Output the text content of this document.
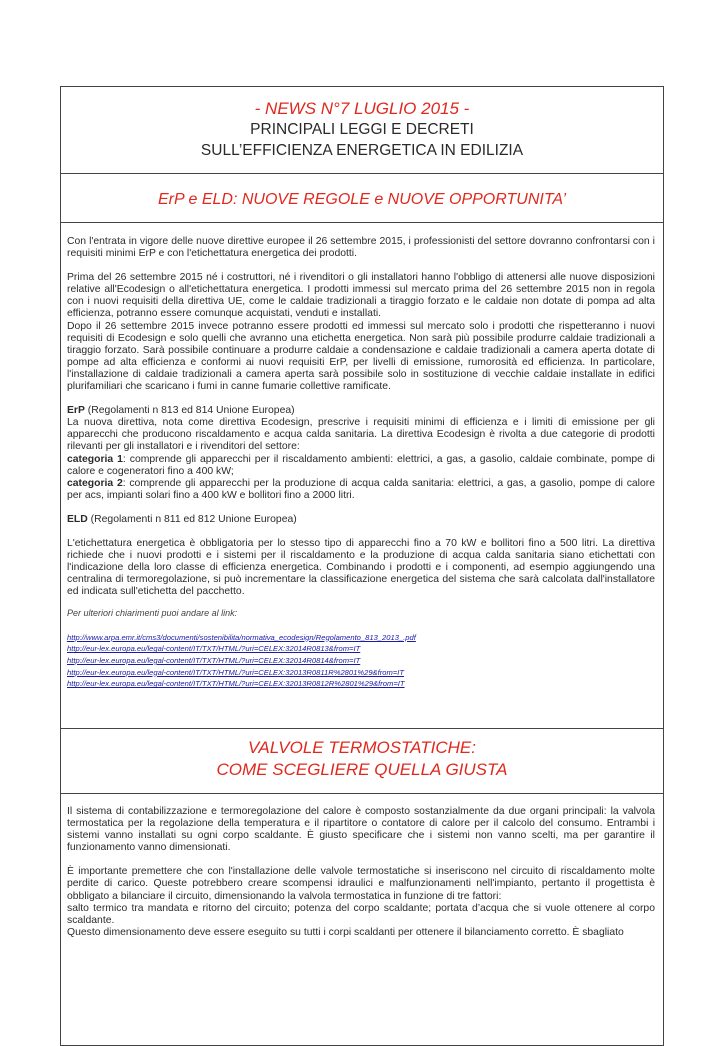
- NEWS N°7 LUGLIO 2015 -
PRINCIPALI LEGGI E DECRETI
SULL’EFFICIENZA ENERGETICA IN EDILIZIA
ErP e ELD: NUOVE REGOLE e NUOVE OPPORTUNITA’

Con l'entrata in vigore delle nuove direttive europee il 26 settembre 2015, i professionisti del settore dovranno confrontarsi con i requisiti minimi ErP e con l'etichettatura energetica dei prodotti.

Prima del 26 settembre 2015 né i costruttori, né i rivenditori o gli installatori hanno l'obbligo di attenersi alle nuove disposizioni relative all'Ecodesign o all'etichettatura energetica. I prodotti immessi sul mercato prima del 26 settembre 2015 non in regola con i nuovi requisiti della direttiva UE, come le caldaie tradizionali a tiraggio forzato e le caldaie non dotate di pompa ad alta efficienza, potranno essere comunque acquistati, venduti e installati.

Dopo il 26 settembre 2015 invece potranno essere prodotti ed immessi sul mercato solo i prodotti che rispetteranno i nuovi requisiti di Ecodesign e solo quelli che avranno una etichetta energetica. Non sarà più possibile produrre caldaie tradizionali a tiraggio forzato. Sarà possibile continuare a produrre caldaie a condensazione e caldaie tradizionali a camera aperta dotate di pompe ad alta efficienza e conformi ai nuovi requisiti ErP, per livelli di emissione, rumorosità ed efficienza. In particolare, l'installazione di caldaie tradizionali a camera aperta sarà possibile solo in sostituzione di vecchie caldaie installate in edifici plurifamiliari che scaricano i fumi in canne fumarie collettive ramificate.

ErP (Regolamenti n 813 ed 814 Unione Europea)

La nuova direttiva, nota come direttiva Ecodesign, prescrive i requisiti minimi di efficienza e i limiti di emissione per gli apparecchi che producono riscaldamento e acqua calda sanitaria. La direttiva Ecodesign è rivolta a due categorie di prodotti rilevanti per gli installatori e i rivenditori del settore:

categoria 1: comprende gli apparecchi per il riscaldamento ambienti: elettrici, a gas, a gasolio, caldaie combinate, pompe di calore e cogeneratori fino a 400 kW;

categoria 2: comprende gli apparecchi per la produzione di acqua calda sanitaria: elettrici, a gas, a gasolio, pompe di calore per acs, impianti solari fino a 400 kW e bollitori fino a 2000 litri.

ELD (Regolamenti n 811 ed 812 Unione Europea)

L'etichettatura energetica è obbligatoria per lo stesso tipo di apparecchi fino a 70 kW e bollitori fino a 500 litri. La direttiva richiede che i nuovi prodotti e i sistemi per il riscaldamento e la produzione di acqua calda sanitaria siano etichettati con l'indicazione della loro classe di efficienza energetica. Combinando i prodotti e i componenti, ad esempio aggiungendo una centralina di termoregolazione, si può incrementare la classificazione energetica del sistema che sarà calcolata dall'installatore ed indicata sull'etichetta del pacchetto.

Per ulteriori chiarimenti puoi andare al link:

http://www.arpa.emr.it/cms3/documenti/sostenibilita/normativa_ecodesign/Regolamento_813_2013_.pdf
http://eur-lex.europa.eu/legal-content/IT/TXT/HTML/?uri=CELEX:32014R0813&from=IT
http://eur-lex.europa.eu/legal-content/IT/TXT/HTML/?uri=CELEX:32014R0814&from=IT
http://eur-lex.europa.eu/legal-content/IT/TXT/HTML/?uri=CELEX:32013R0811R%2801%29&from=IT
http://eur-lex.europa.eu/legal-content/IT/TXT/HTML/?uri=CELEX:32013R0812R%2801%29&from=IT
VALVOLE TERMOSTATICHE:
COME SCEGLIERE QUELLA GIUSTA

Il sistema di contabilizzazione e termoregolazione del calore è composto sostanzialmente da due organi principali: la valvola termostatica per la regolazione della temperatura e il ripartitore o contatore di calore per il calcolo del consumo. Entrambi i sistemi vanno installati su ogni corpo scaldante. È giusto specificare che i sistemi non vanno scelti, ma per garantire il funzionamento vanno dimensionati.

È importante premettere che con l'installazione delle valvole termostatiche si inseriscono nel circuito di riscaldamento molte perdite di carico. Queste potrebbero creare scompensi idraulici e malfunzionamenti nell'impianto, pertanto il progettista è obbligato a bilanciare il circuito, dimensionando la valvola termostatica in funzione di tre fattori:

salto termico tra mandata e ritorno del circuito; potenza del corpo scaldante; portata d’acqua che si vuole ottenere al corpo scaldante.

Questo dimensionamento deve essere eseguito su tutti i corpi scaldanti per ottenere il bilanciamento corretto. È sbagliato
